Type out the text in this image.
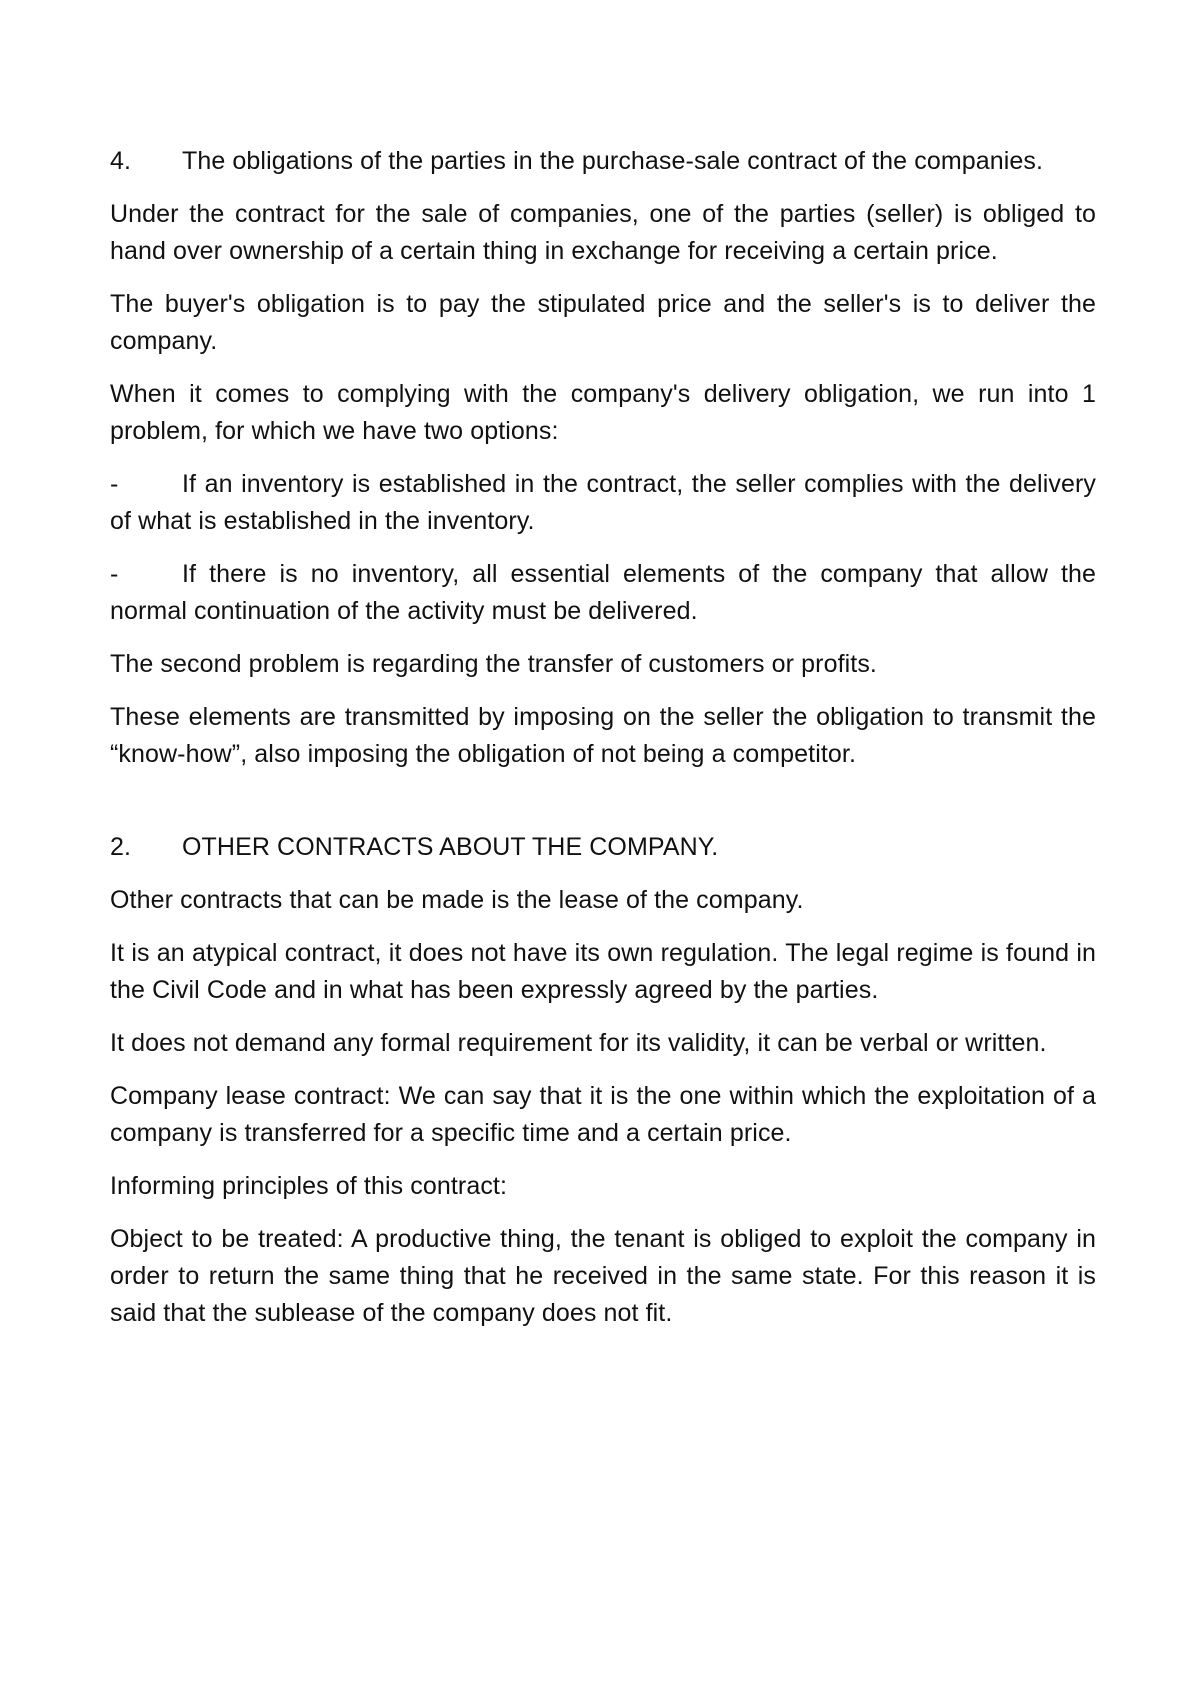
4. The obligations of the parties in the purchase-sale contract of the companies.

Under the contract for the sale of companies, one of the parties (seller) is obliged to hand over ownership of a certain thing in exchange for receiving a certain price.

The buyer's obligation is to pay the stipulated price and the seller's is to deliver the company.

When it comes to complying with the company's delivery obligation, we run into 1 problem, for which we have two options:

-	If an inventory is established in the contract, the seller complies with the delivery of what is established in the inventory.

-	If there is no inventory, all essential elements of the company that allow the normal continuation of the activity must be delivered.

The second problem is regarding the transfer of customers or profits.

These elements are transmitted by imposing on the seller the obligation to transmit the “know-how”, also imposing the obligation of not being a competitor.

2. OTHER CONTRACTS ABOUT THE COMPANY.

Other contracts that can be made is the lease of the company.

It is an atypical contract, it does not have its own regulation. The legal regime is found in the Civil Code and in what has been expressly agreed by the parties.

It does not demand any formal requirement for its validity, it can be verbal or written.

Company lease contract: We can say that it is the one within which the exploitation of a company is transferred for a specific time and a certain price.

Informing principles of this contract:

Object to be treated: A productive thing, the tenant is obliged to exploit the company in order to return the same thing that he received in the same state. For this reason it is said that the sublease of the company does not fit.
